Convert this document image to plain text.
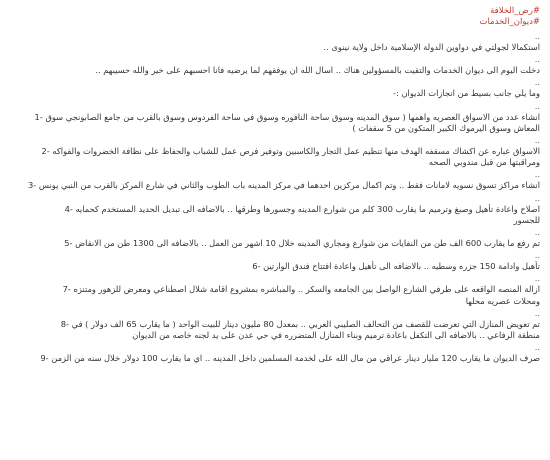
#رض_الخلافة
#ديوان_الخدمات
..
استكمالا لجولتي في دواوين الدولة الإسلامية داخل ولاية نينوى ..
..
دخلت اليوم الى ديوان الخدمات والتقيت بالمسؤولين هناك .. اسال الله ان يوفقهم لما يرضيه فانا احسبهم على خير والله حسيبهم ..
..
وما يلي جانب بسيط من انجازات الديوان :-
..
انشاء عدد من الاسواق العصريه واهمها ( سوق المدينه وسوق ساحة النافوره وسوق في ساحة الفردوس وسوق بالقرب من جامع الصابونجي سوق -1
المعاش وسوق اليرموك الكبير المتكون من 5 سقفات )
..
الاسواق عباره عن اكشاك مسقفه الهدف منها تنظيم عمل التجار والكاسبين وتوفير فرص عمل للشباب والحفاظ على نظافة الخضروات والفواكه -2
ومراقبتها من قبل مندوبي الصحه
..
انشاء مراكز تسوق نسويه لامانات فقط .. وتم اكمال مركزين احدهما في مركز المدينه باب الطوب والثاني في شارع المركز بالقرب من النبي يونس -3
..
اصلاح واعادة تأهيل وصبغ وترميم ما يقارب 300 كلم من شوارع المدينه وجسورها وطرقها .. بالاضافه الى تبديل الحديد المستخدم كحمايه -4
للجسور
..
تم رفع ما يقارب 600 الف طن من النفايات من شوارع ومجاري المدينه خلال 10 اشهر من العمل .. بالاضافه الى 1300 طن من الانقاض -5
..
تأهيل وادامة 150 جزره وسطيه .. بالاضافه الى تأهيل واعادة افتتاح فندق الوارتين -6
..
ازالة المنصه الواقعه على طرفي الشارع الواصل بين الجامعه والسكر .. والمباشره بمشروع اقامة شلال اصطناعي ومعرض للزهور ومتنزه -7
ومحلات عصريه محلها
..
تم تعويض المنازل التي تعرضت للقصف من التحالف الصليبي العربي .. بمعدل 80 مليون دينار للبيت الواحد ( ما يقارب 65 الف دولار ) في -8
منطقة الرفاعي .. بالاضافه الى التكفل باعادة ترميم وبناء المنازل المتضرره في حي عدن على يد لجنه خاصه من الديوان
..
صرف الديوان ما يقارب 120 مليار دينار عراقي من مال الله على لخدمة المسلمين داخل المدينه .. اي ما يقارب 100 دولار خلال سنه من الزمن -9
